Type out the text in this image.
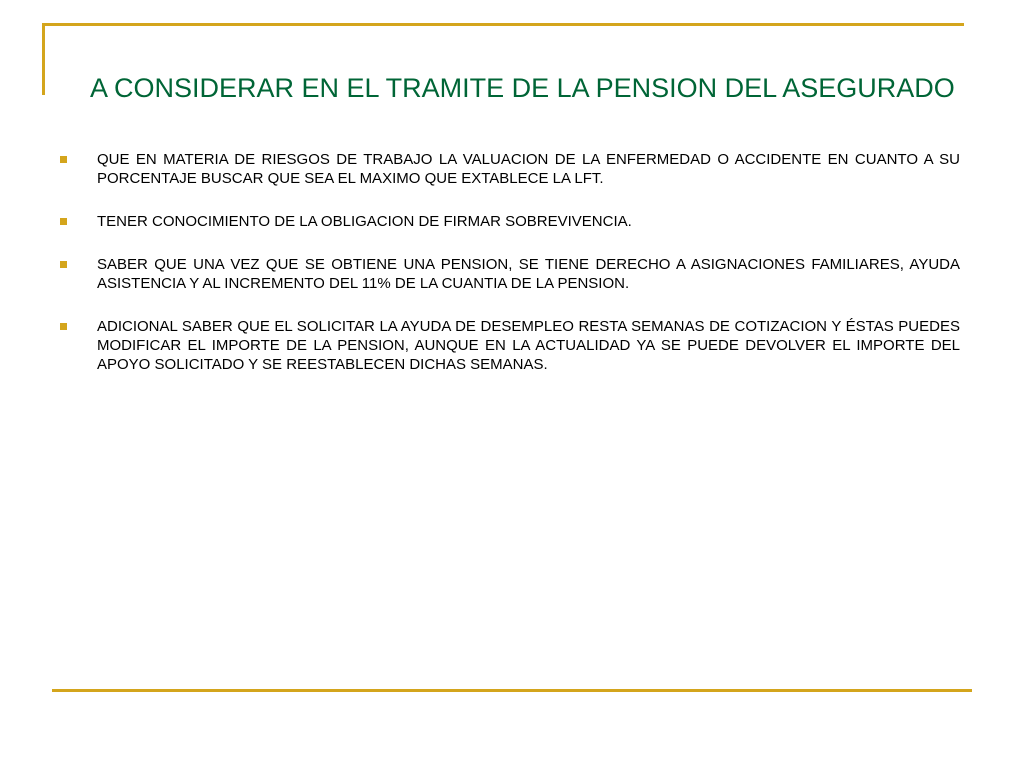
A CONSIDERAR EN EL TRAMITE DE LA PENSION DEL ASEGURADO
QUE EN MATERIA DE RIESGOS DE TRABAJO LA VALUACION DE LA ENFERMEDAD O ACCIDENTE EN CUANTO A SU PORCENTAJE BUSCAR QUE SEA EL MAXIMO QUE EXTABLECE LA LFT.
TENER CONOCIMIENTO DE LA OBLIGACION DE FIRMAR SOBREVIVENCIA.
SABER QUE UNA VEZ QUE SE OBTIENE UNA PENSION, SE TIENE DERECHO A ASIGNACIONES FAMILIARES, AYUDA ASISTENCIA Y AL INCREMENTO DEL 11% DE LA CUANTIA DE LA PENSION.
ADICIONAL SABER QUE EL SOLICITAR LA AYUDA DE DESEMPLEO RESTA SEMANAS DE COTIZACION Y ÉSTAS PUEDES MODIFICAR EL IMPORTE DE LA PENSION, AUNQUE EN LA ACTUALIDAD YA SE PUEDE DEVOLVER EL IMPORTE DEL APOYO SOLICITADO Y SE REESTABLECEN DICHAS SEMANAS.
